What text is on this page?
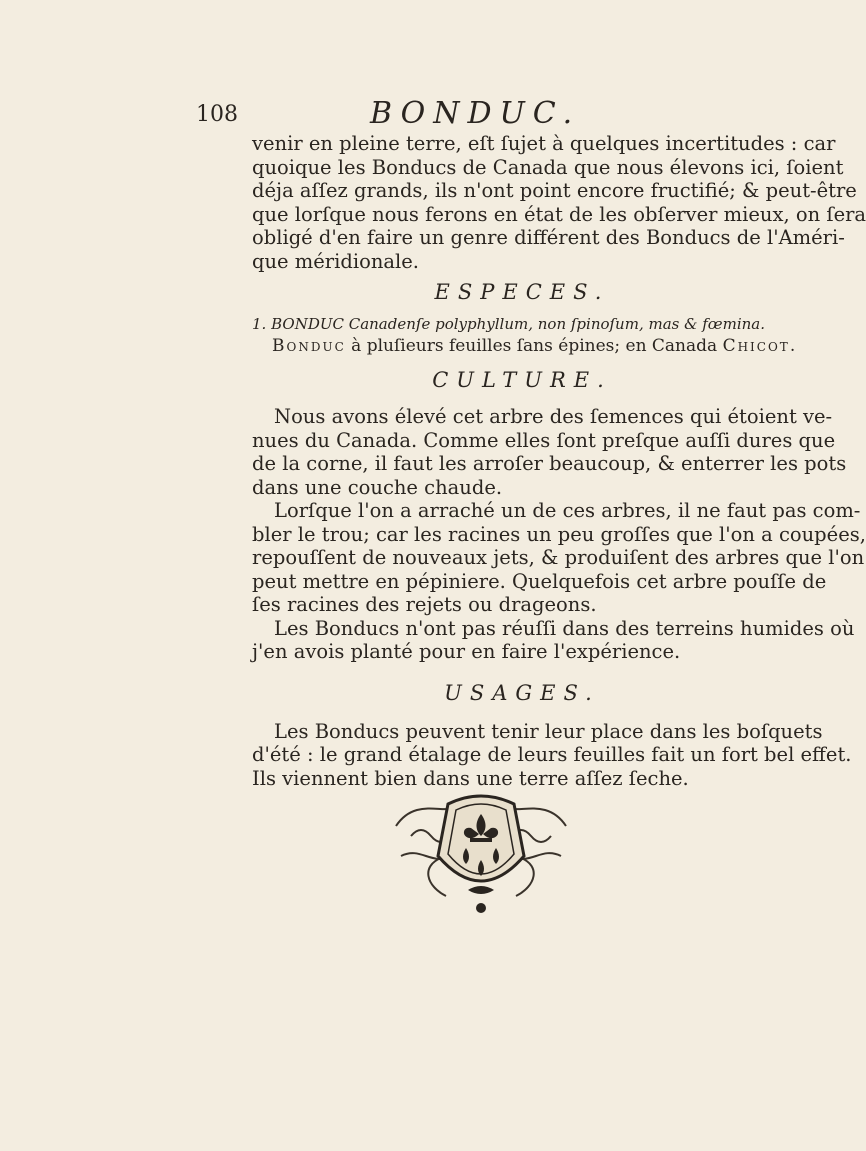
108	BONDUC.
venir en pleine terre, eſt ſujet à quelques incertitudes : car
quoique les Bonducs de Canada que nous élevons ici, ſoient
déja aſſez grands, ils n'ont point encore fructifié; & peut-être
que lorſque nous ferons en état de les obſerver mieux, on ſera
obligé d'en faire un genre différent des Bonducs de l'Améri-
que méridionale.
ESPECES.
1. BONDUC Canadenſe polyphyllum, non ſpinoſum, mas & fœmina.
Bonduc à pluſieurs feuilles ſans épines; en Canada Chicot.
CULTURE.
Nous avons élevé cet arbre des ſemences qui étoient ve-
nues du Canada. Comme elles ſont preſque auſſi dures que
de la corne, il faut les arroſer beaucoup, & enterrer les pots
dans une couche chaude.
Lorſque l'on a arraché un de ces arbres, il ne faut pas com-
bler le trou; car les racines un peu groſſes que l'on a coupées,
repouſſent de nouveaux jets, & produiſent des arbres que l'on
peut mettre en pépiniere. Quelquefois cet arbre pouſſe de
ſes racines des rejets ou drageons.
Les Bonducs n'ont pas réuſſi dans des terreins humides où
j'en avois planté pour en faire l'expérience.
USAGES.
Les Bonducs peuvent tenir leur place dans les boſquets
d'été : le grand étalage de leurs feuilles fait un fort bel effet.
Ils viennent bien dans une terre aſſez ſeche.
